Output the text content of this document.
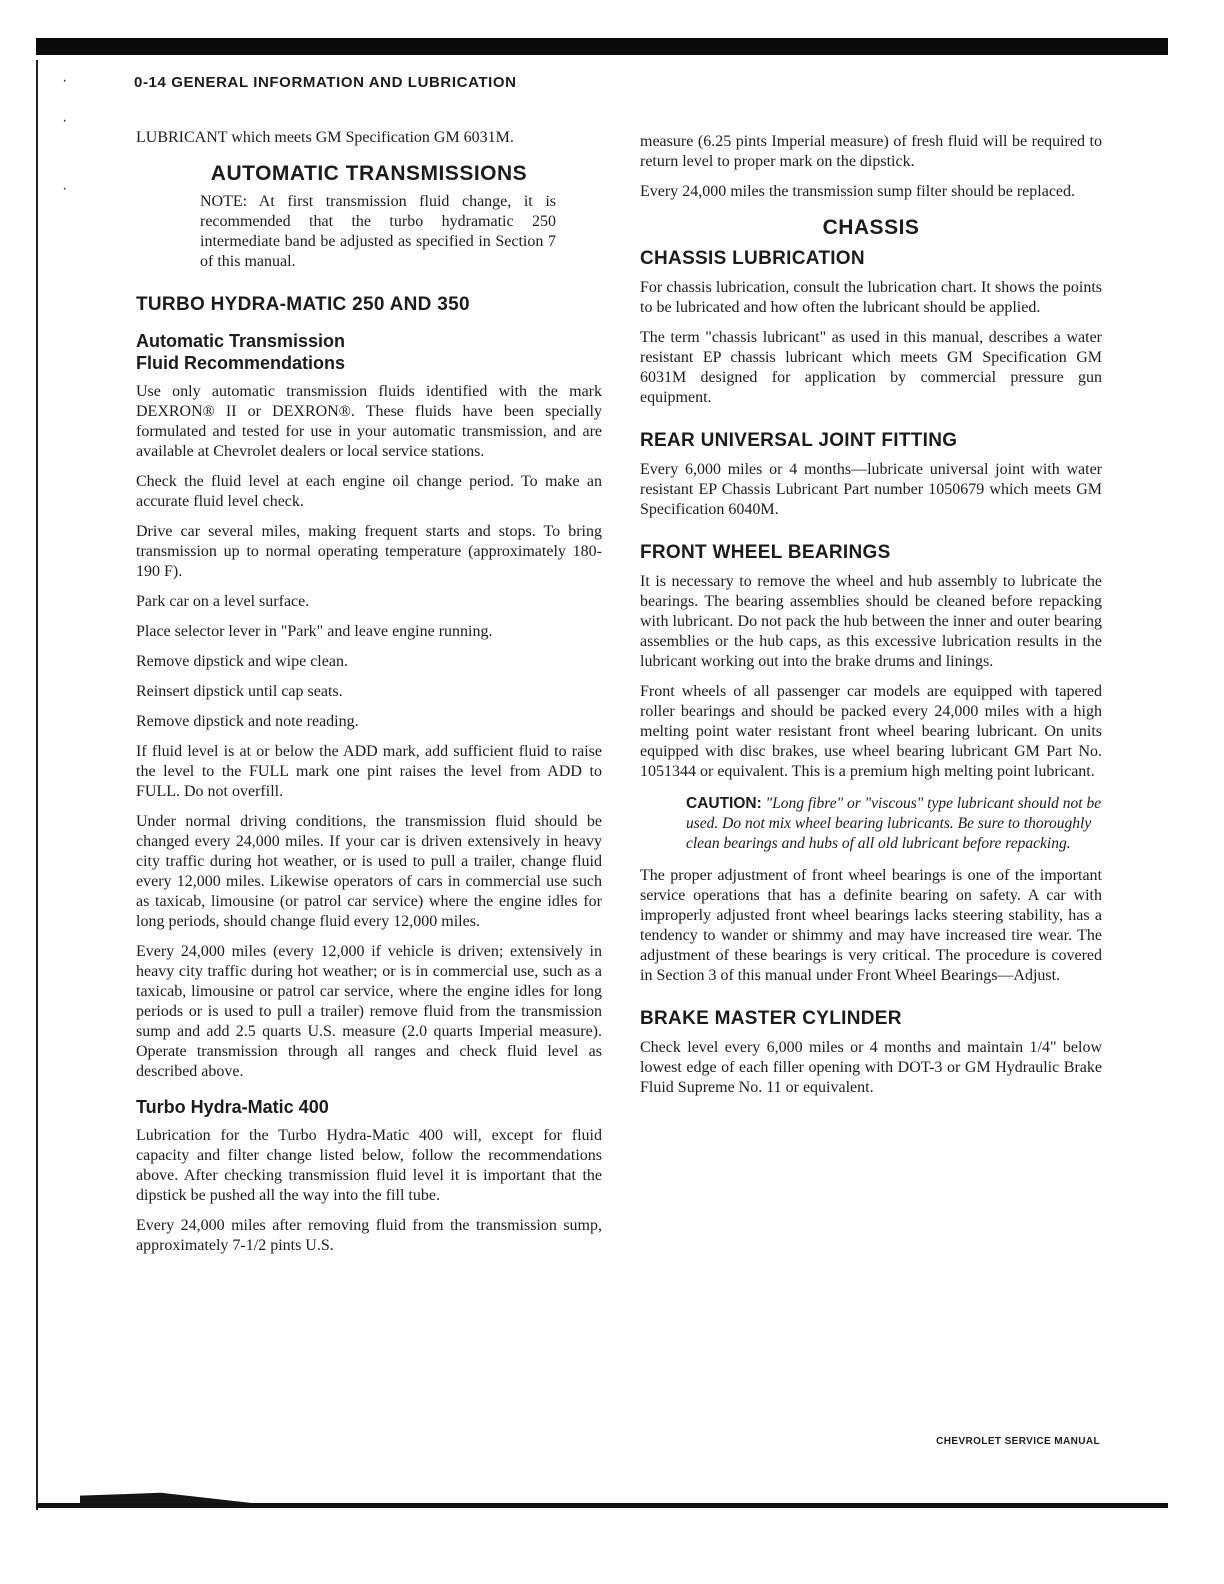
·
·
·
0-14 GENERAL INFORMATION AND LUBRICATION

LUBRICANT which meets GM Specification GM 6031M.

AUTOMATIC TRANSMISSIONS

NOTE: At first transmission fluid change, it is recommended that the turbo hydramatic 250 intermediate band be adjusted as specified in Section 7 of this manual.

TURBO HYDRA-MATIC 250 AND 350
Automatic Transmission
Fluid Recommendations

Use only automatic transmission fluids identified with the mark DEXRON® II or DEXRON®. These fluids have been specially formulated and tested for use in your automatic transmission, and are available at Chevrolet dealers or local service stations.

Check the fluid level at each engine oil change period. To make an accurate fluid level check.

Drive car several miles, making frequent starts and stops. To bring transmission up to normal operating temperature (approximately 180-190 F).

Park car on a level surface.

Place selector lever in "Park" and leave engine running.

Remove dipstick and wipe clean.

Reinsert dipstick until cap seats.

Remove dipstick and note reading.

If fluid level is at or below the ADD mark, add sufficient fluid to raise the level to the FULL mark one pint raises the level from ADD to FULL. Do not overfill.

Under normal driving conditions, the transmission fluid should be changed every 24,000 miles. If your car is driven extensively in heavy city traffic during hot weather, or is used to pull a trailer, change fluid every 12,000 miles. Likewise operators of cars in commercial use such as taxicab, limousine (or patrol car service) where the engine idles for long periods, should change fluid every 12,000 miles.

Every 24,000 miles (every 12,000 if vehicle is driven; extensively in heavy city traffic during hot weather; or is in commercial use, such as a taxicab, limousine or patrol car service, where the engine idles for long periods or is used to pull a trailer) remove fluid from the transmission sump and add 2.5 quarts U.S. measure (2.0 quarts Imperial measure). Operate transmission through all ranges and check fluid level as described above.

Turbo Hydra-Matic 400

Lubrication for the Turbo Hydra-Matic 400 will, except for fluid capacity and filter change listed below, follow the recommendations above. After checking transmission fluid level it is important that the dipstick be pushed all the way into the fill tube.

Every 24,000 miles after removing fluid from the transmission sump, approximately 7-1/2 pints U.S.

measure (6.25 pints Imperial measure) of fresh fluid will be required to return level to proper mark on the dipstick.

Every 24,000 miles the transmission sump filter should be replaced.

CHASSIS
CHASSIS LUBRICATION

For chassis lubrication, consult the lubrication chart. It shows the points to be lubricated and how often the lubricant should be applied.

The term "chassis lubricant" as used in this manual, describes a water resistant EP chassis lubricant which meets GM Specification GM 6031M designed for application by commercial pressure gun equipment.

REAR UNIVERSAL JOINT FITTING

Every 6,000 miles or 4 months—lubricate universal joint with water resistant EP Chassis Lubricant Part number 1050679 which meets GM Specification 6040M.

FRONT WHEEL BEARINGS

It is necessary to remove the wheel and hub assembly to lubricate the bearings. The bearing assemblies should be cleaned before repacking with lubricant. Do not pack the hub between the inner and outer bearing assemblies or the hub caps, as this excessive lubrication results in the lubricant working out into the brake drums and linings.

Front wheels of all passenger car models are equipped with tapered roller bearings and should be packed every 24,000 miles with a high melting point water resistant front wheel bearing lubricant. On units equipped with disc brakes, use wheel bearing lubricant GM Part No. 1051344 or equivalent. This is a premium high melting point lubricant.

CAUTION: "Long fibre" or "viscous" type lubricant should not be used. Do not mix wheel bearing lubricants. Be sure to thoroughly clean bearings and hubs of all old lubricant before repacking.

The proper adjustment of front wheel bearings is one of the important service operations that has a definite bearing on safety. A car with improperly adjusted front wheel bearings lacks steering stability, has a tendency to wander or shimmy and may have increased tire wear. The adjustment of these bearings is very critical. The procedure is covered in Section 3 of this manual under Front Wheel Bearings—Adjust.

BRAKE MASTER CYLINDER

Check level every 6,000 miles or 4 months and maintain 1/4" below lowest edge of each filler opening with DOT-3 or GM Hydraulic Brake Fluid Supreme No. 11 or equivalent.

CHEVROLET SERVICE MANUAL
